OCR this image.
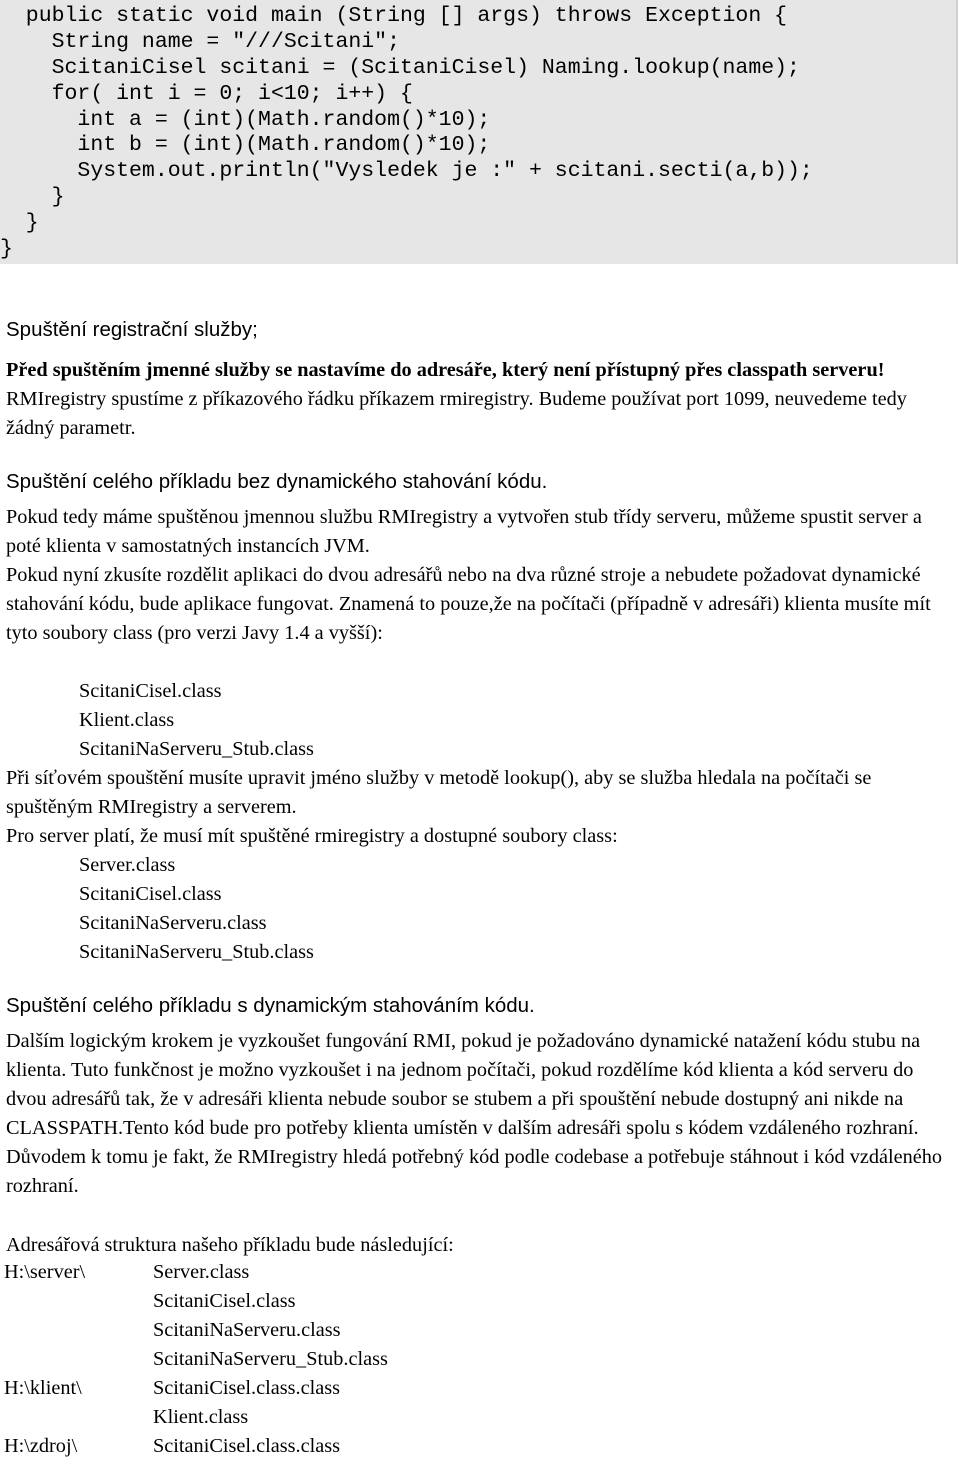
public static void main (String [] args) throws Exception {
String name = "///Scitani";
ScitaniCisel scitani = (ScitaniCisel) Naming.lookup(name);
for( int i = 0; i<10; i++) {
int a = (int)(Math.random()*10);
int b = (int)(Math.random()*10);
System.out.println("Vysledek je :" + scitani.secti(a,b));
}
}
}
Spuštění registrační služby;
Před spuštěním jmenné služby se nastavíme do adresáře, který není přístupný přes classpath serveru! RMIregistry spustíme z příkazového řádku příkazem rmiregistry. Budeme používat port 1099, neuvedeme tedy žádný parametr.
Spuštění celého příkladu bez dynamického stahování kódu.
Pokud tedy máme spuštěnou jmennou službu RMIregistry a vytvořen stub třídy serveru, můžeme spustit server a poté klienta v samostatných instancích JVM.
Pokud nyní zkusíte rozdělit aplikaci do dvou adresářů nebo na dva různé stroje a nebudete požadovat dynamické stahování kódu, bude aplikace fungovat. Znamená to pouze,že na počítači (případně v adresáři) klienta musíte mít tyto soubory class (pro verzi Javy 1.4 a vyšší):
ScitaniCisel.class
Klient.class
ScitaniNaServeru_Stub.class
Při síťovém spouštění musíte upravit jméno služby v metodě lookup(), aby se služba hledala na počítači se spuštěným RMIregistry a serverem.
Pro server platí, že musí mít spuštěné rmiregistry a dostupné soubory class:
Server.class
ScitaniCisel.class
ScitaniNaServeru.class
ScitaniNaServeru_Stub.class
Spuštění celého příkladu s dynamickým stahováním kódu.
Dalším logickým krokem je vyzkoušet fungování RMI, pokud je požadováno dynamické natažení kódu stubu na klienta. Tuto funkčnost je možno vyzkoušet i na jednom počítači, pokud rozdělíme kód klienta a kód serveru do dvou adresářů tak, že v adresáři klienta nebude soubor se stubem a při spouštění nebude dostupný ani nikde na CLASSPATH.Tento kód bude pro potřeby klienta umístěn v dalším adresáři spolu s kódem vzdáleného rozhraní. Důvodem k tomu je fakt, že RMIregistry hledá potřebný kód podle codebase a potřebuje stáhnout i kód vzdáleného rozhraní.
Adresářová struktura našeho příkladu bude následující:
H:\server\	Server.class
ScitaniCisel.class
ScitaniNaServeru.class
ScitaniNaServeru_Stub.class
H:\klient\	ScitaniCisel.class.class
Klient.class
H:\zdroj\	ScitaniCisel.class.class
